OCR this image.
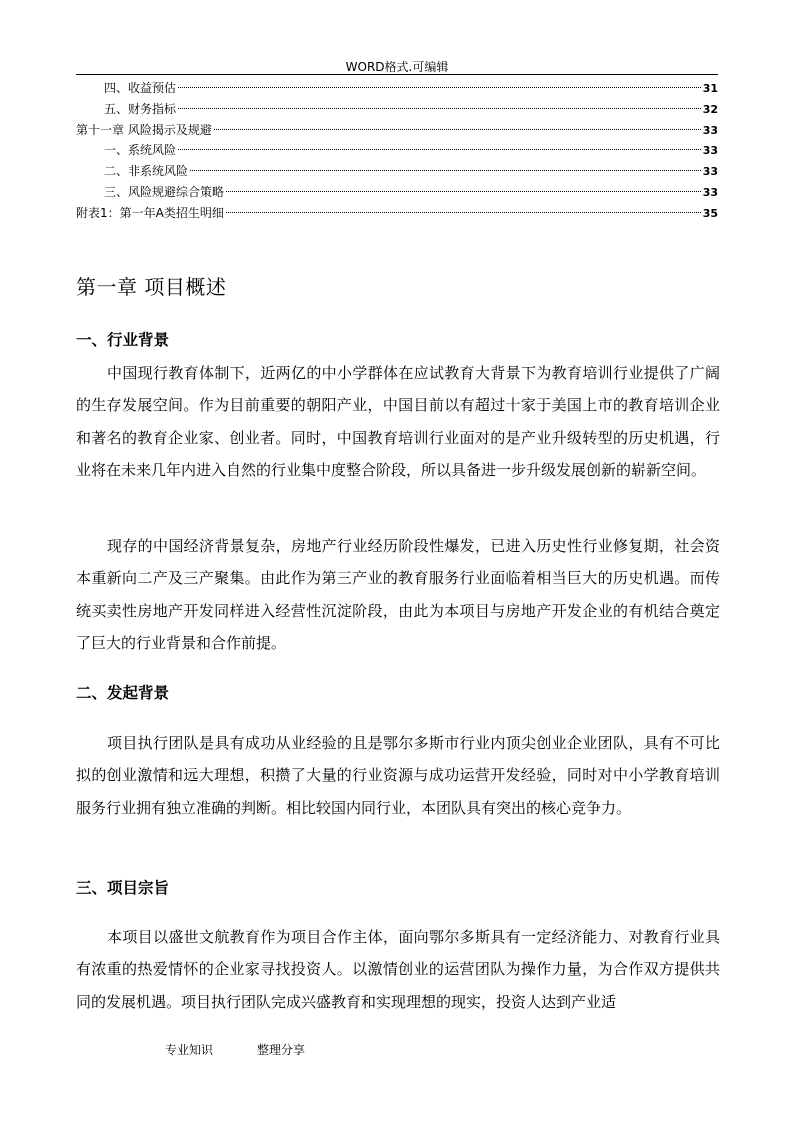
WORD格式.可编辑
四、收益预估	31
五、财务指标	32
第十一章 风险揭示及规避	33
一、系统风险	33
二、非系统风险	33
三、风险规避综合策略	33
附表1：第一年A类招生明细	35
第一章 项目概述
一、行业背景

中国现行教育体制下，近两亿的中小学群体在应试教育大背景下为教育培训行业提供了广阔的生存发展空间。作为目前重要的朝阳产业，中国目前以有超过十家于美国上市的教育培训企业和著名的教育企业家、创业者。同时，中国教育培训行业面对的是产业升级转型的历史机遇，行业将在未来几年内进入自然的行业集中度整合阶段，所以具备进一步升级发展创新的崭新空间。

现存的中国经济背景复杂，房地产行业经历阶段性爆发，已进入历史性行业修复期，社会资本重新向二产及三产聚集。由此作为第三产业的教育服务行业面临着相当巨大的历史机遇。而传统买卖性房地产开发同样进入经营性沉淀阶段，由此为本项目与房地产开发企业的有机结合奠定了巨大的行业背景和合作前提。

二、发起背景

项目执行团队是具有成功从业经验的且是鄂尔多斯市行业内顶尖创业企业团队，具有不可比拟的创业激情和远大理想，积攒了大量的行业资源与成功运营开发经验，同时对中小学教育培训服务行业拥有独立准确的判断。相比较国内同行业，本团队具有突出的核心竞争力。

三、项目宗旨

本项目以盛世文航教育作为项目合作主体，面向鄂尔多斯具有一定经济能力、对教育行业具有浓重的热爱情怀的企业家寻找投资人。以激情创业的运营团队为操作力量，为合作双方提供共同的发展机遇。项目执行团队完成兴盛教育和实现理想的现实，投资人达到产业适

专业知识	整理分享
